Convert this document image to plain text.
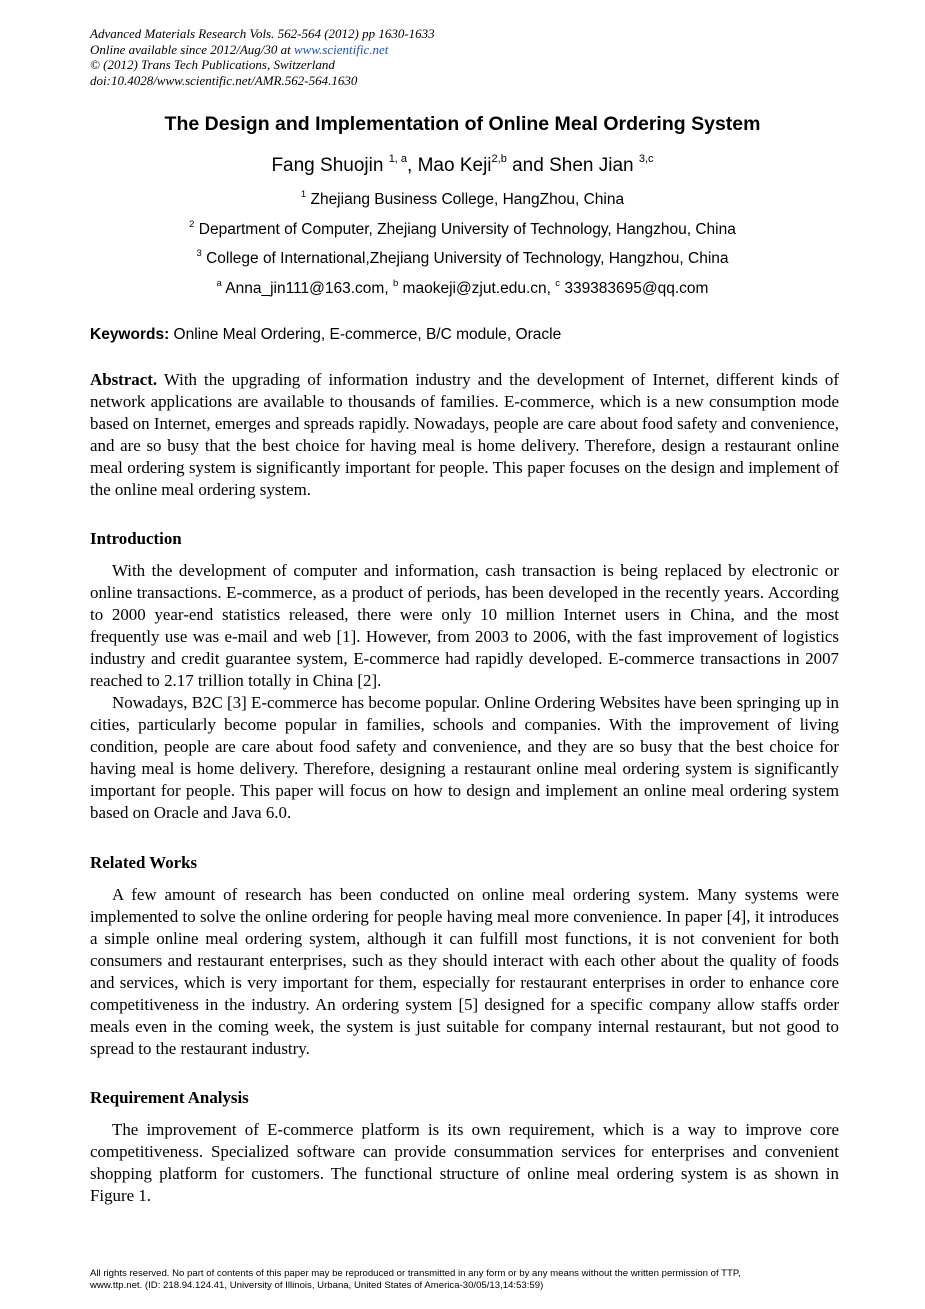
Advanced Materials Research Vols. 562-564 (2012) pp 1630-1633
Online available since 2012/Aug/30 at www.scientific.net
© (2012) Trans Tech Publications, Switzerland
doi:10.4028/www.scientific.net/AMR.562-564.1630
The Design and Implementation of Online Meal Ordering System
Fang Shuojin $^{1, a}$, Mao Keji$^{2,b}$ and Shen Jian $^{3,c}$
$^1$ Zhejiang Business College, HangZhou, China
$^2$ Department of Computer, Zhejiang University of Technology, Hangzhou, China
$^3$ College of International,Zhejiang University of Technology, Hangzhou, China
$^a$ Anna_jin111@163.com, $^b$ maokeji@zjut.edu.cn, $^c$ 339383695@qq.com
Keywords: Online Meal Ordering, E-commerce, B/C module, Oracle

Abstract. With the upgrading of information industry and the development of Internet, different kinds of network applications are available to thousands of families. E-commerce, which is a new consumption mode based on Internet, emerges and spreads rapidly. Nowadays, people are care about food safety and convenience, and are so busy that the best choice for having meal is home delivery. Therefore, design a restaurant online meal ordering system is significantly important for people. This paper focuses on the design and implement of the online meal ordering system.

Introduction

With the development of computer and information, cash transaction is being replaced by electronic or online transactions. E-commerce, as a product of periods, has been developed in the recently years. According to 2000 year-end statistics released, there were only 10 million Internet users in China, and the most frequently use was e-mail and web [1]. However, from 2003 to 2006, with the fast improvement of logistics industry and credit guarantee system, E-commerce had rapidly developed. E-commerce transactions in 2007 reached to 2.17 trillion totally in China [2].

Nowadays, B2C [3] E-commerce has become popular. Online Ordering Websites have been springing up in cities, particularly become popular in families, schools and companies. With the improvement of living condition, people are care about food safety and convenience, and they are so busy that the best choice for having meal is home delivery. Therefore, designing a restaurant online meal ordering system is significantly important for people. This paper will focus on how to design and implement an online meal ordering system based on Oracle and Java 6.0.

Related Works

A few amount of research has been conducted on online meal ordering system. Many systems were implemented to solve the online ordering for people having meal more convenience. In paper [4], it introduces a simple online meal ordering system, although it can fulfill most functions, it is not convenient for both consumers and restaurant enterprises, such as they should interact with each other about the quality of foods and services, which is very important for them, especially for restaurant enterprises in order to enhance core competitiveness in the industry. An ordering system [5] designed for a specific company allow staffs order meals even in the coming week, the system is just suitable for company internal restaurant, but not good to spread to the restaurant industry.

Requirement Analysis

The improvement of E-commerce platform is its own requirement, which is a way to improve core competitiveness. Specialized software can provide consummation services for enterprises and convenient shopping platform for customers. The functional structure of online meal ordering system is as shown in Figure 1.

All rights reserved. No part of contents of this paper may be reproduced or transmitted in any form or by any means without the written permission of TTP,
www.ttp.net. (ID: 218.94.124.41, University of Illinois, Urbana, United States of America-30/05/13,14:53:59)
